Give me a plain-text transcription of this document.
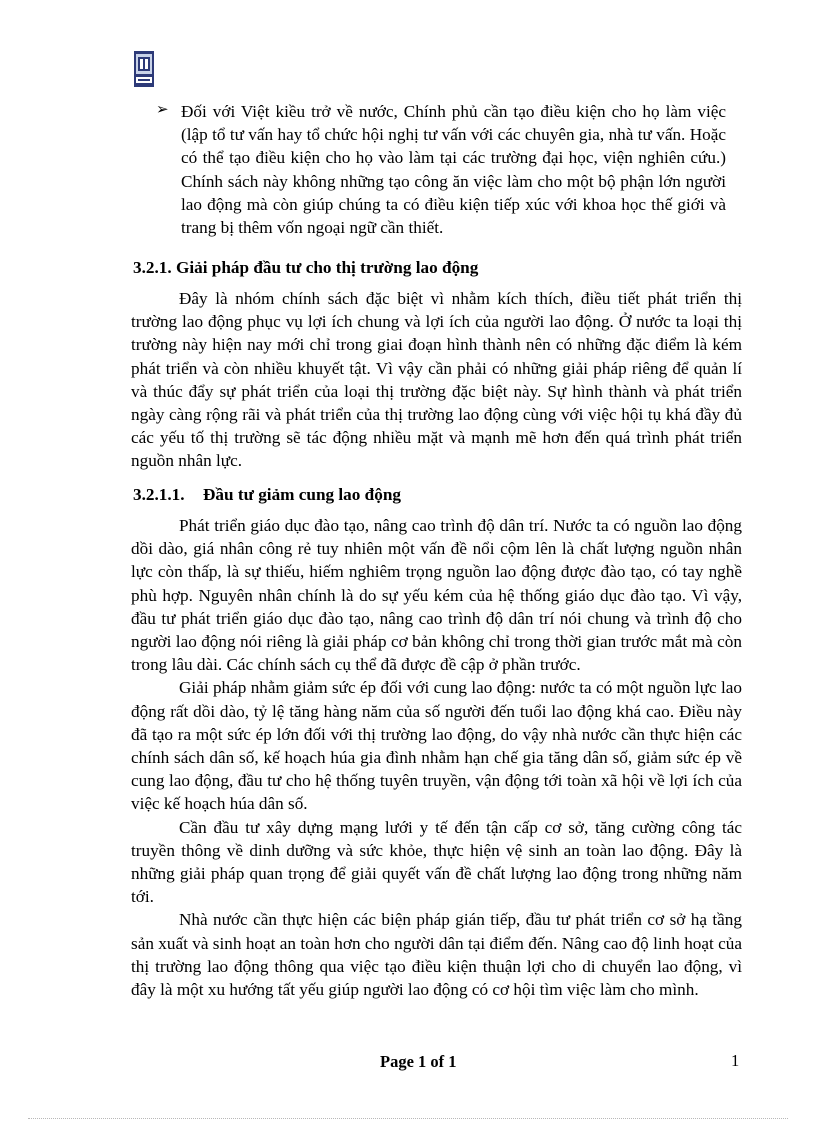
➢ Đối với Việt kiều trở về nước, Chính phủ cần tạo điều kiện cho họ làm việc (lập tổ tư vấn hay tổ chức hội nghị tư vấn với các chuyên gia, nhà tư vấn. Hoặc có thể tạo điều kiện cho họ vào làm tại các trường đại học, viện nghiên cứu.) Chính sách này không những tạo công ăn việc làm cho một bộ phận lớn người lao động mà còn giúp chúng ta có điều kiện tiếp xúc với khoa học thế giới và trang bị thêm vốn ngoại ngữ cần thiết.
3.2.1. Giải pháp đầu tư cho thị trường lao động

Đây là nhóm chính sách đặc biệt vì nhằm kích thích, điều tiết phát triển thị trường lao động phục vụ lợi ích chung và lợi ích của người lao động. Ở nước ta loại thị trường này hiện nay mới chỉ trong giai đoạn hình thành nên có những đặc điểm là kém phát triển và còn nhiều khuyết tật. Vì vậy cần phải có những giải pháp riêng để quản lí và thúc đẩy sự phát triển của loại thị trường đặc biệt này. Sự hình thành và phát triển ngày càng rộng rãi và phát triển của thị trường lao động cùng với việc hội tụ khá đầy đủ các yếu tố thị trường sẽ tác động nhiều mặt và mạnh mẽ hơn đến quá trình phát triển nguồn nhân lực.

3.2.1.1. Đầu tư giảm cung lao động

Phát triển giáo dục đào tạo, nâng cao trình độ dân trí. Nước ta có nguồn lao động dồi dào, giá nhân công rẻ tuy nhiên một vấn đề nổi cộm lên là chất lượng nguồn nhân lực còn thấp, là sự thiếu, hiếm nghiêm trọng nguồn lao động được đào tạo, có tay nghề phù hợp. Nguyên nhân chính là do sự yếu kém của hệ thống giáo dục đào tạo. Vì vậy, đầu tư phát triển giáo dục đào tạo, nâng cao trình độ dân trí nói chung và trình độ cho người lao động nói riêng là giải pháp cơ bản không chỉ trong thời gian trước mắt mà còn trong lâu dài. Các chính sách cụ thể đã được đề cập ở phần trước.

Giải pháp nhằm giảm sức ép đối với cung lao động: nước ta có một nguồn lực lao động rất dồi dào, tỷ lệ tăng hàng năm của số người đến tuổi lao động khá cao. Điều này đã tạo ra một sức ép lớn đối với thị trường lao động, do vậy nhà nước cần thực hiện các chính sách dân số, kế hoạch húa gia đình nhằm hạn chế gia tăng dân số, giảm sức ép về cung lao động, đầu tư cho hệ thống tuyên truyền, vận động tới toàn xã hội về lợi ích của việc kế hoạch húa dân số.

Cần đầu tư xây dựng mạng lưới y tế đến tận cấp cơ sở, tăng cường công tác truyền thông về dinh dưỡng và sức khỏe, thực hiện vệ sinh an toàn lao động. Đây là những giải pháp quan trọng để giải quyết vấn đề chất lượng lao động trong những năm tới.

Nhà nước cần thực hiện các biện pháp gián tiếp, đầu tư phát triển cơ sở hạ tầng sản xuất và sinh hoạt an toàn hơn cho người dân tại điểm đến. Nâng cao độ linh hoạt của thị trường lao động thông qua việc tạo điều kiện thuận lợi cho di chuyển lao động, vì đây là một xu hướng tất yếu giúp người lao động có cơ hội tìm việc làm cho mình.

Page 1 of 1	1
